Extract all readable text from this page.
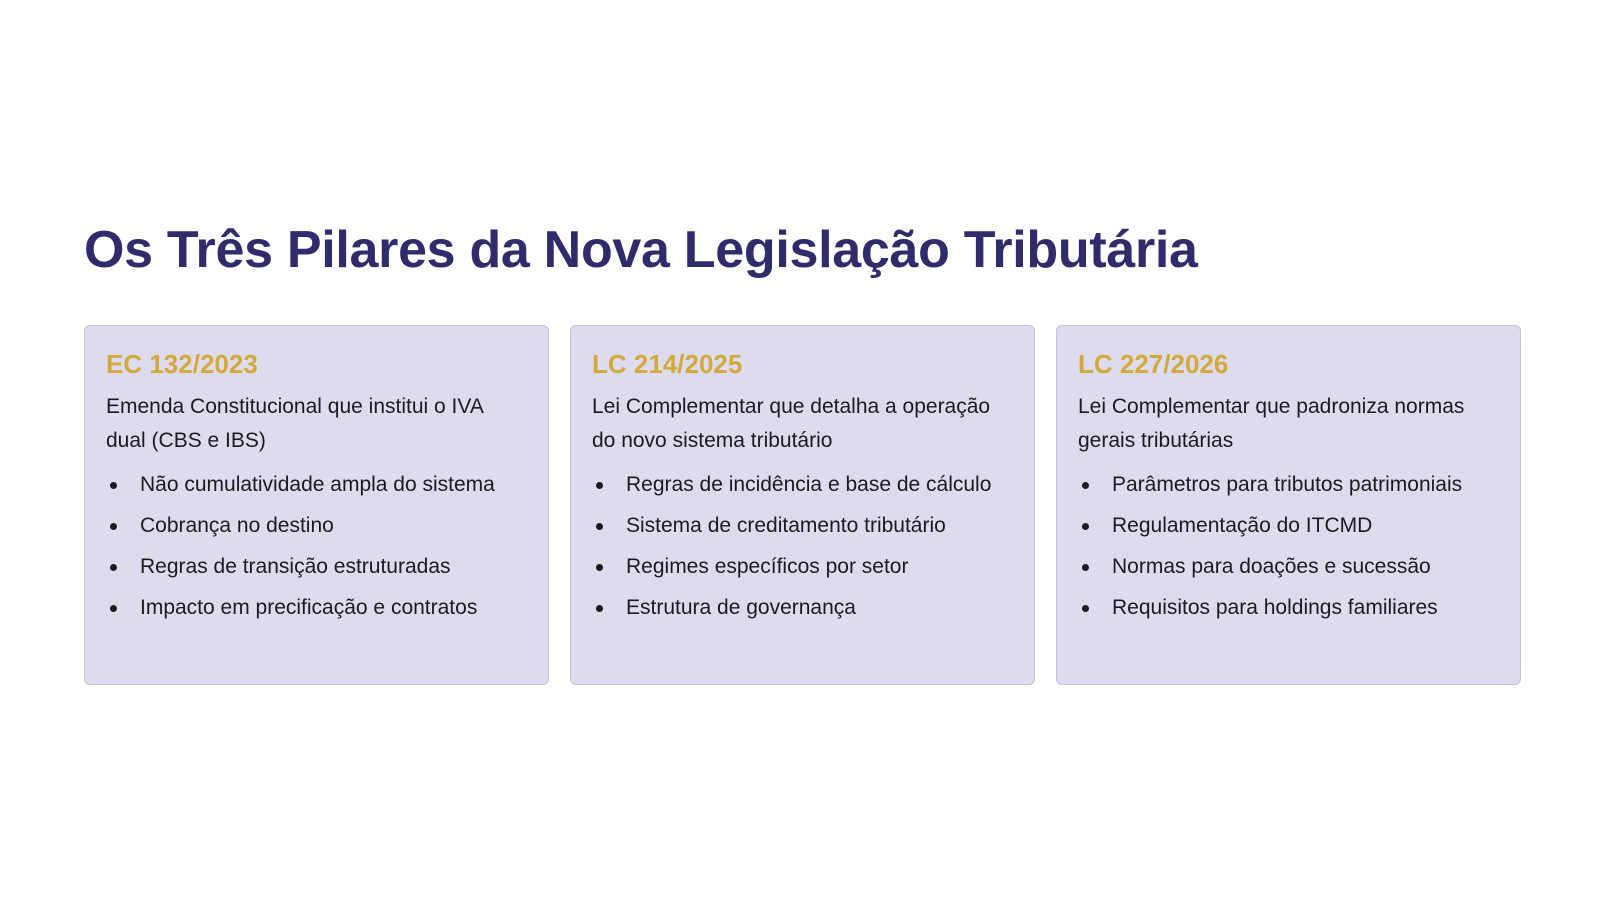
Os Três Pilares da Nova Legislação Tributária
EC 132/2023

Emenda Constitucional que institui o IVA dual (CBS e IBS)

Não cumulatividade ampla do sistema
Cobrança no destino
Regras de transição estruturadas
Impacto em precificação e contratos
LC 214/2025

Lei Complementar que detalha a operação do novo sistema tributário

Regras de incidência e base de cálculo
Sistema de creditamento tributário
Regimes específicos por setor
Estrutura de governança
LC 227/2026

Lei Complementar que padroniza normas gerais tributárias

Parâmetros para tributos patrimoniais
Regulamentação do ITCMD
Normas para doações e sucessão
Requisitos para holdings familiares
